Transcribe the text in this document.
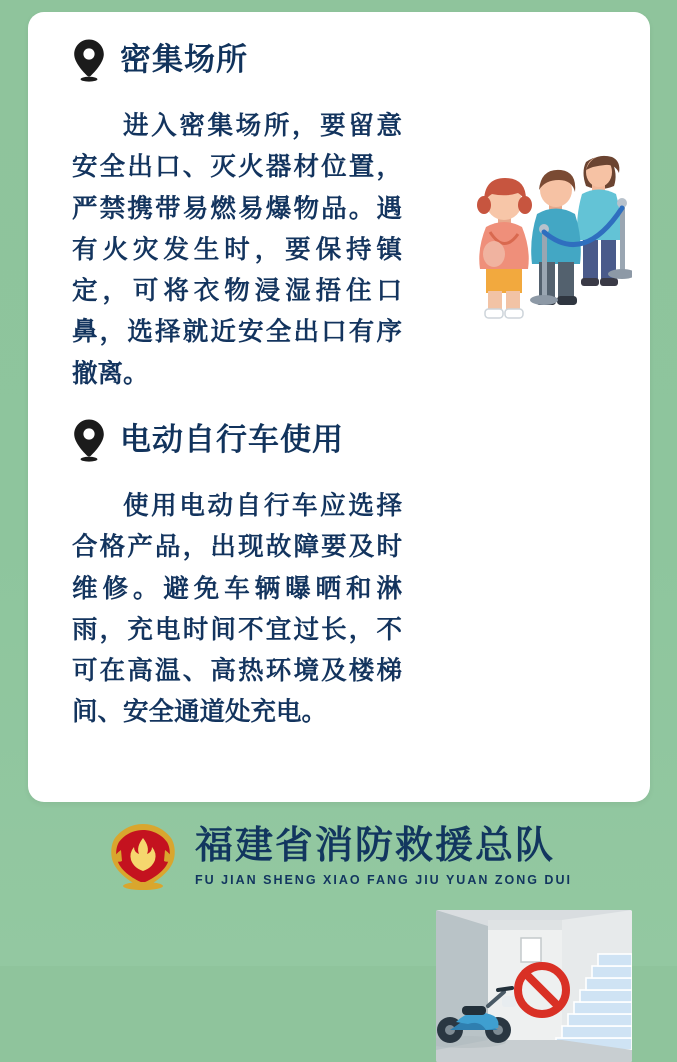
密集场所
进入密集场所，要留意安全出口、灭火器材位置，严禁携带易燃易爆物品。遇有火灾发生时，要保持镇定，可将衣物浸湿捂住口鼻，选择就近安全出口有序撤离。
电动自行车使用
使用电动自行车应选择合格产品，出现故障要及时维修。避免车辆曝晒和淋雨，充电时间不宜过长，不可在高温、高热环境及楼梯间、安全通道处充电。
福建省消防救援总队
FU JIAN SHENG XIAO FANG JIU YUAN ZONG DUI
